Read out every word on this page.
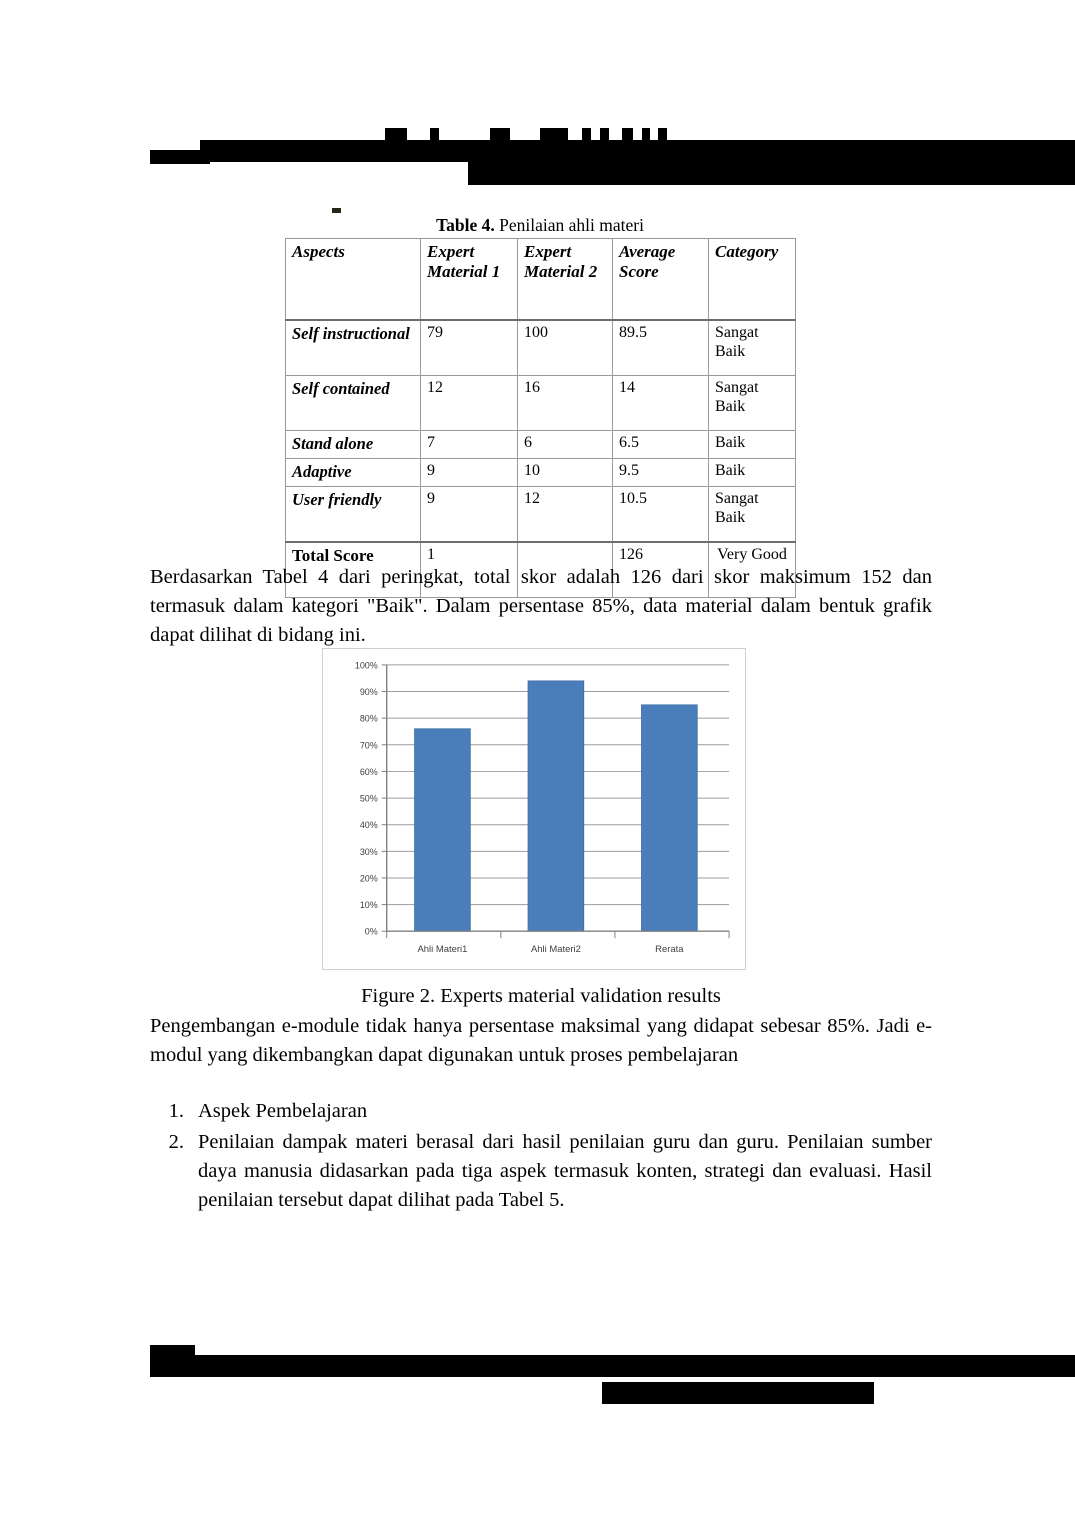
Table 4. Penilaian ahli materi
Aspects	Expert Material 1	Expert Material 2	Average Score	Category
Self instructional	79	100	89.5	Sangat Baik
Self contained	12	16	14	Sangat Baik
Stand alone	7	6	6.5	Baik
Adaptive	9	10	9.5	Baik
User friendly	9	12	10.5	Sangat Baik
Total Score	1		126	Very Good
Berdasarkan Tabel 4 dari peringkat, total skor adalah 126 dari skor maksimum 152 dan termasuk dalam kategori "Baik". Dalam persentase 85%, data material dalam bentuk grafik dapat dilihat di bidang ini.
100%
90%
80%
70%
60%
50%
40%
30%
20%
10%
0%
Ahli Materi1	Ahli Materi2	Rerata
Figure 2. Experts material validation results
Pengembangan e-module tidak hanya persentase maksimal yang didapat sebesar 85%. Jadi e-modul yang dikembangkan dapat digunakan untuk proses pembelajaran
1. Aspek Pembelajaran
2. Penilaian dampak materi berasal dari hasil penilaian guru dan guru. Penilaian sumber daya manusia didasarkan pada tiga aspek termasuk konten, strategi dan evaluasi. Hasil penilaian tersebut dapat dilihat pada Tabel 5.
